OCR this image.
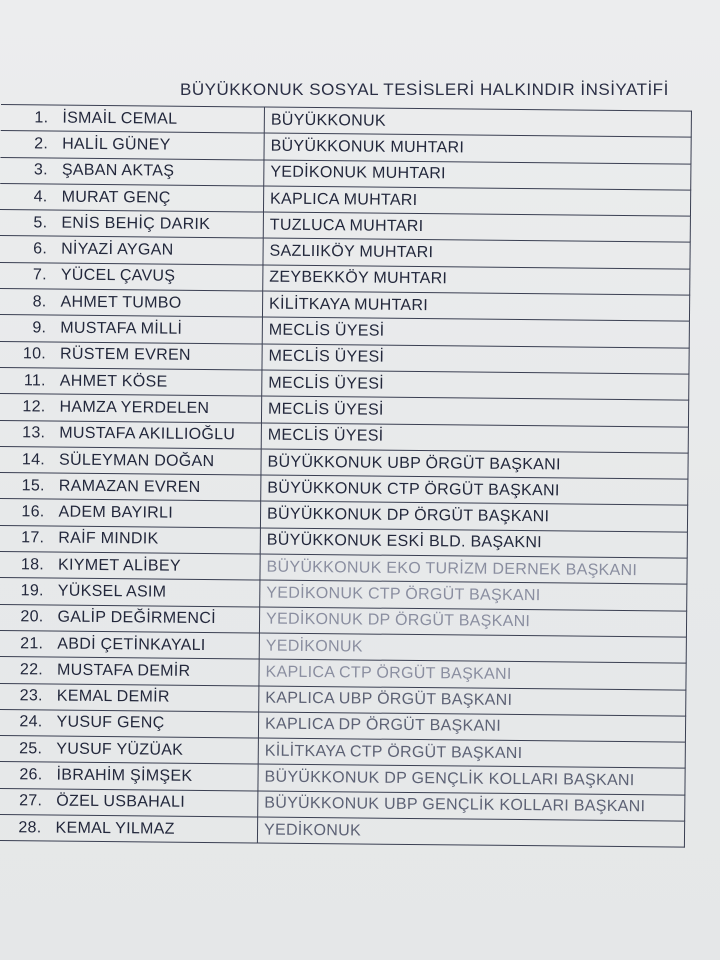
BÜYÜKKONUK SOSYAL TESİSLERİ HALKINDIR İNSİYATİFİ
1. İSMAİL CEMAL	BÜYÜKKONUK
2. HALİL GÜNEY	BÜYÜKKONUK MUHTARI
3. ŞABAN AKTAŞ	YEDİKONUK MUHTARI
4. MURAT GENÇ	KAPLICA MUHTARI
5. ENİS BEHİÇ DARIK	TUZLUCA MUHTARI
6. NİYAZİ AYGAN	SAZLIIKÖY MUHTARI
7. YÜCEL ÇAVUŞ	ZEYBEKKÖY MUHTARI
8. AHMET TUMBO	KİLİTKAYA MUHTARI
9. MUSTAFA MİLLİ	MECLİS ÜYESİ
10. RÜSTEM EVREN	MECLİS ÜYESİ
11. AHMET KÖSE	MECLİS ÜYESİ
12. HAMZA YERDELEN	MECLİS ÜYESİ
13. MUSTAFA AKILLIOĞLU	MECLİS ÜYESİ
14. SÜLEYMAN DOĞAN	BÜYÜKKONUK UBP ÖRGÜT BAŞKANI
15. RAMAZAN EVREN	BÜYÜKKONUK CTP ÖRGÜT BAŞKANI
16. ADEM BAYIRLI	BÜYÜKKONUK DP ÖRGÜT BAŞKANI
17. RAİF MINDIK	BÜYÜKKONUK ESKİ BLD. BAŞAKNI
18. KIYMET ALİBEY	BÜYÜKKONUK EKO TURİZM DERNEK BAŞKANI
19. YÜKSEL ASIM	YEDİKONUK CTP ÖRGÜT BAŞKANI
20. GALİP DEĞİRMENCİ	YEDİKONUK DP ÖRGÜT BAŞKANI
21. ABDİ ÇETİNKAYALI	YEDİKONUK
22. MUSTAFA DEMİR	KAPLICA CTP ÖRGÜT BAŞKANI
23. KEMAL DEMİR	KAPLICA UBP ÖRGÜT BAŞKANI
24. YUSUF GENÇ	KAPLICA DP ÖRGÜT BAŞKANI
25. YUSUF YÜZÜAK	KİLİTKAYA CTP ÖRGÜT BAŞKANI
26. İBRAHİM ŞİMŞEK	BÜYÜKKONUK DP GENÇLİK KOLLARI BAŞKANI
27. ÖZEL USBAHALI	BÜYÜKKONUK UBP GENÇLİK KOLLARI BAŞKANI
28. KEMAL YILMAZ	YEDİKONUK
